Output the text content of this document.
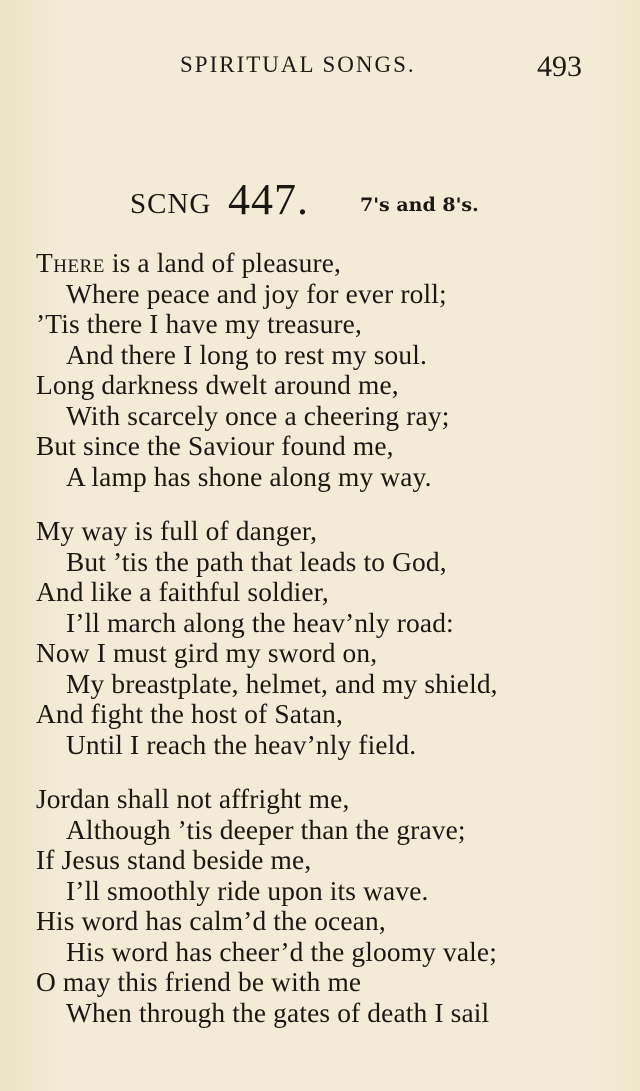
SPIRITUAL SONGS.	493
SCNG 447.	7's and 8's.
There is a land of pleasure,
Where peace and joy for ever roll;
’Tis there I have my treasure,
And there I long to rest my soul.
Long darkness dwelt around me,
With scarcely once a cheering ray;
But since the Saviour found me,
A lamp has shone along my way.
My way is full of danger,
But ’tis the path that leads to God,
And like a faithful soldier,
I’ll march along the heav’nly road:
Now I must gird my sword on,
My breastplate, helmet, and my shield,
And fight the host of Satan,
Until I reach the heav’nly field.
Jordan shall not affright me,
Although ’tis deeper than the grave;
If Jesus stand beside me,
I’ll smoothly ride upon its wave.
His word has calm’d the ocean,
His word has cheer’d the gloomy vale;
O may this friend be with me
When through the gates of death I sail
